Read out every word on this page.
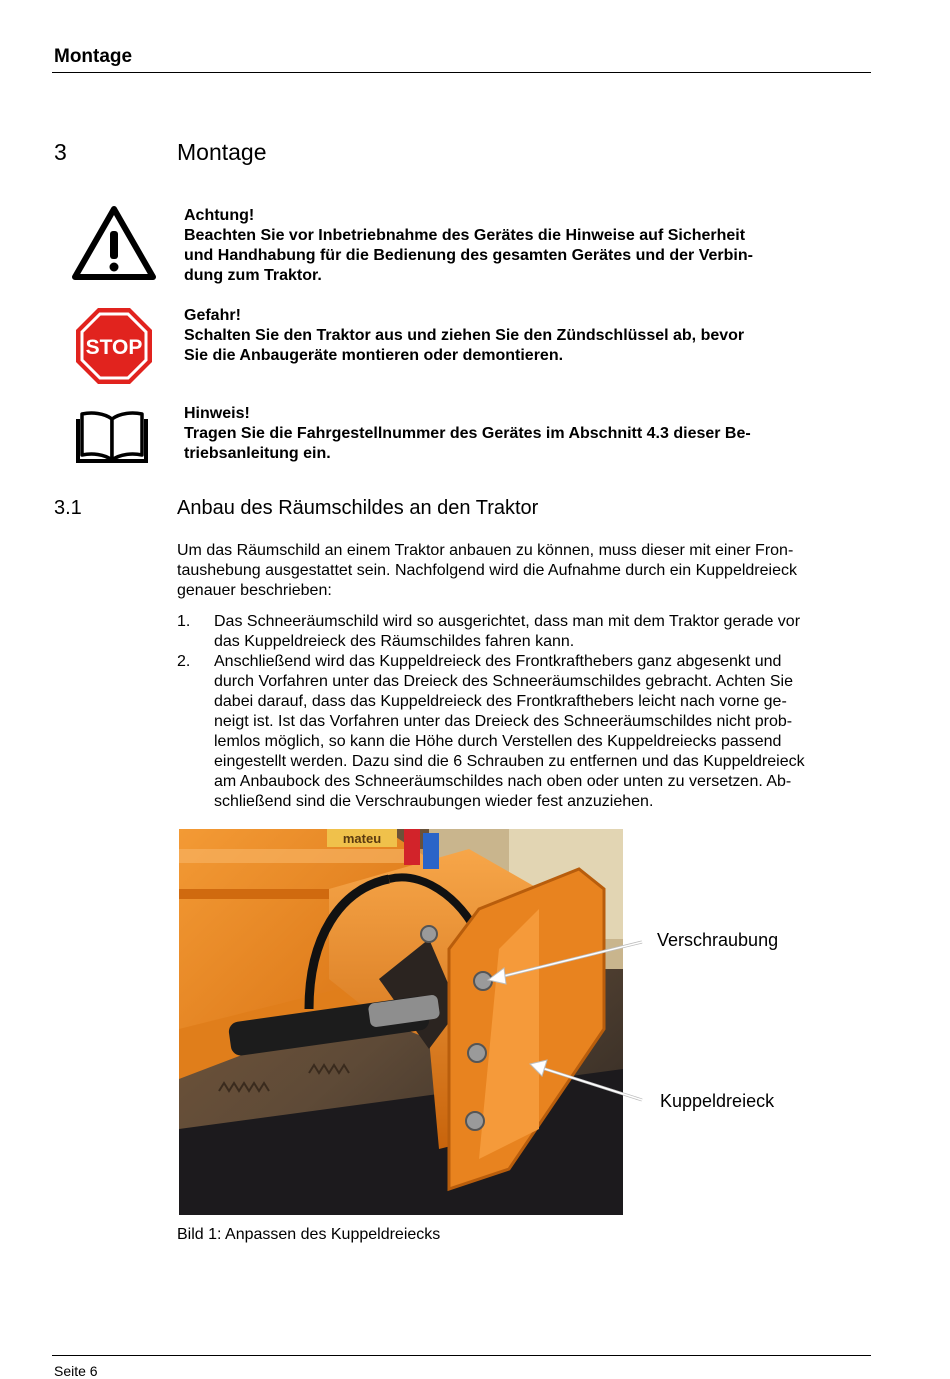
Montage
3	Montage
Achtung!
Beachten Sie vor Inbetriebnahme des Gerätes die Hinweise auf Sicherheit
und Handhabung für die Bedienung des gesamten Gerätes und der Verbin-
dung zum Traktor.
STOP
Gefahr!
Schalten Sie den Traktor aus und ziehen Sie den Zündschlüssel ab, bevor
Sie die Anbaugeräte montieren oder demontieren.
Hinweis!
Tragen Sie die Fahrgestellnummer des Gerätes im Abschnitt 4.3 dieser Be-
triebsanleitung ein.
3.1	Anbau des Räumschildes an den Traktor
Um das Räumschild an einem Traktor anbauen zu können, muss dieser mit einer Fron-
taushebung ausgestattet sein. Nachfolgend wird die Aufnahme durch ein Kuppeldreieck
genauer beschrieben:
1. Das Schneeräumschild wird so ausgerichtet, dass man mit dem Traktor gerade vor
das Kuppeldreieck des Räumschildes fahren kann.
2. Anschließend wird das Kuppeldreieck des Frontkrafthebers ganz abgesenkt und
durch Vorfahren unter das Dreieck des Schneeräumschildes gebracht. Achten Sie
dabei darauf, dass das Kuppeldreieck des Frontkrafthebers leicht nach vorne ge-
neigt ist. Ist das Vorfahren unter das Dreieck des Schneeräumschildes nicht prob-
lemlos möglich, so kann die Höhe durch Verstellen des Kuppeldreiecks passend
eingestellt werden. Dazu sind die 6 Schrauben zu entfernen und das Kuppeldreieck
am Anbaubock des Schneeräumschildes nach oben oder unten zu versetzen. Ab-
schließend sind die Verschraubungen wieder fest anzuziehen.
mateu
Verschraubung
Kuppeldreieck
Bild 1: Anpassen des Kuppeldreiecks
Seite 6
